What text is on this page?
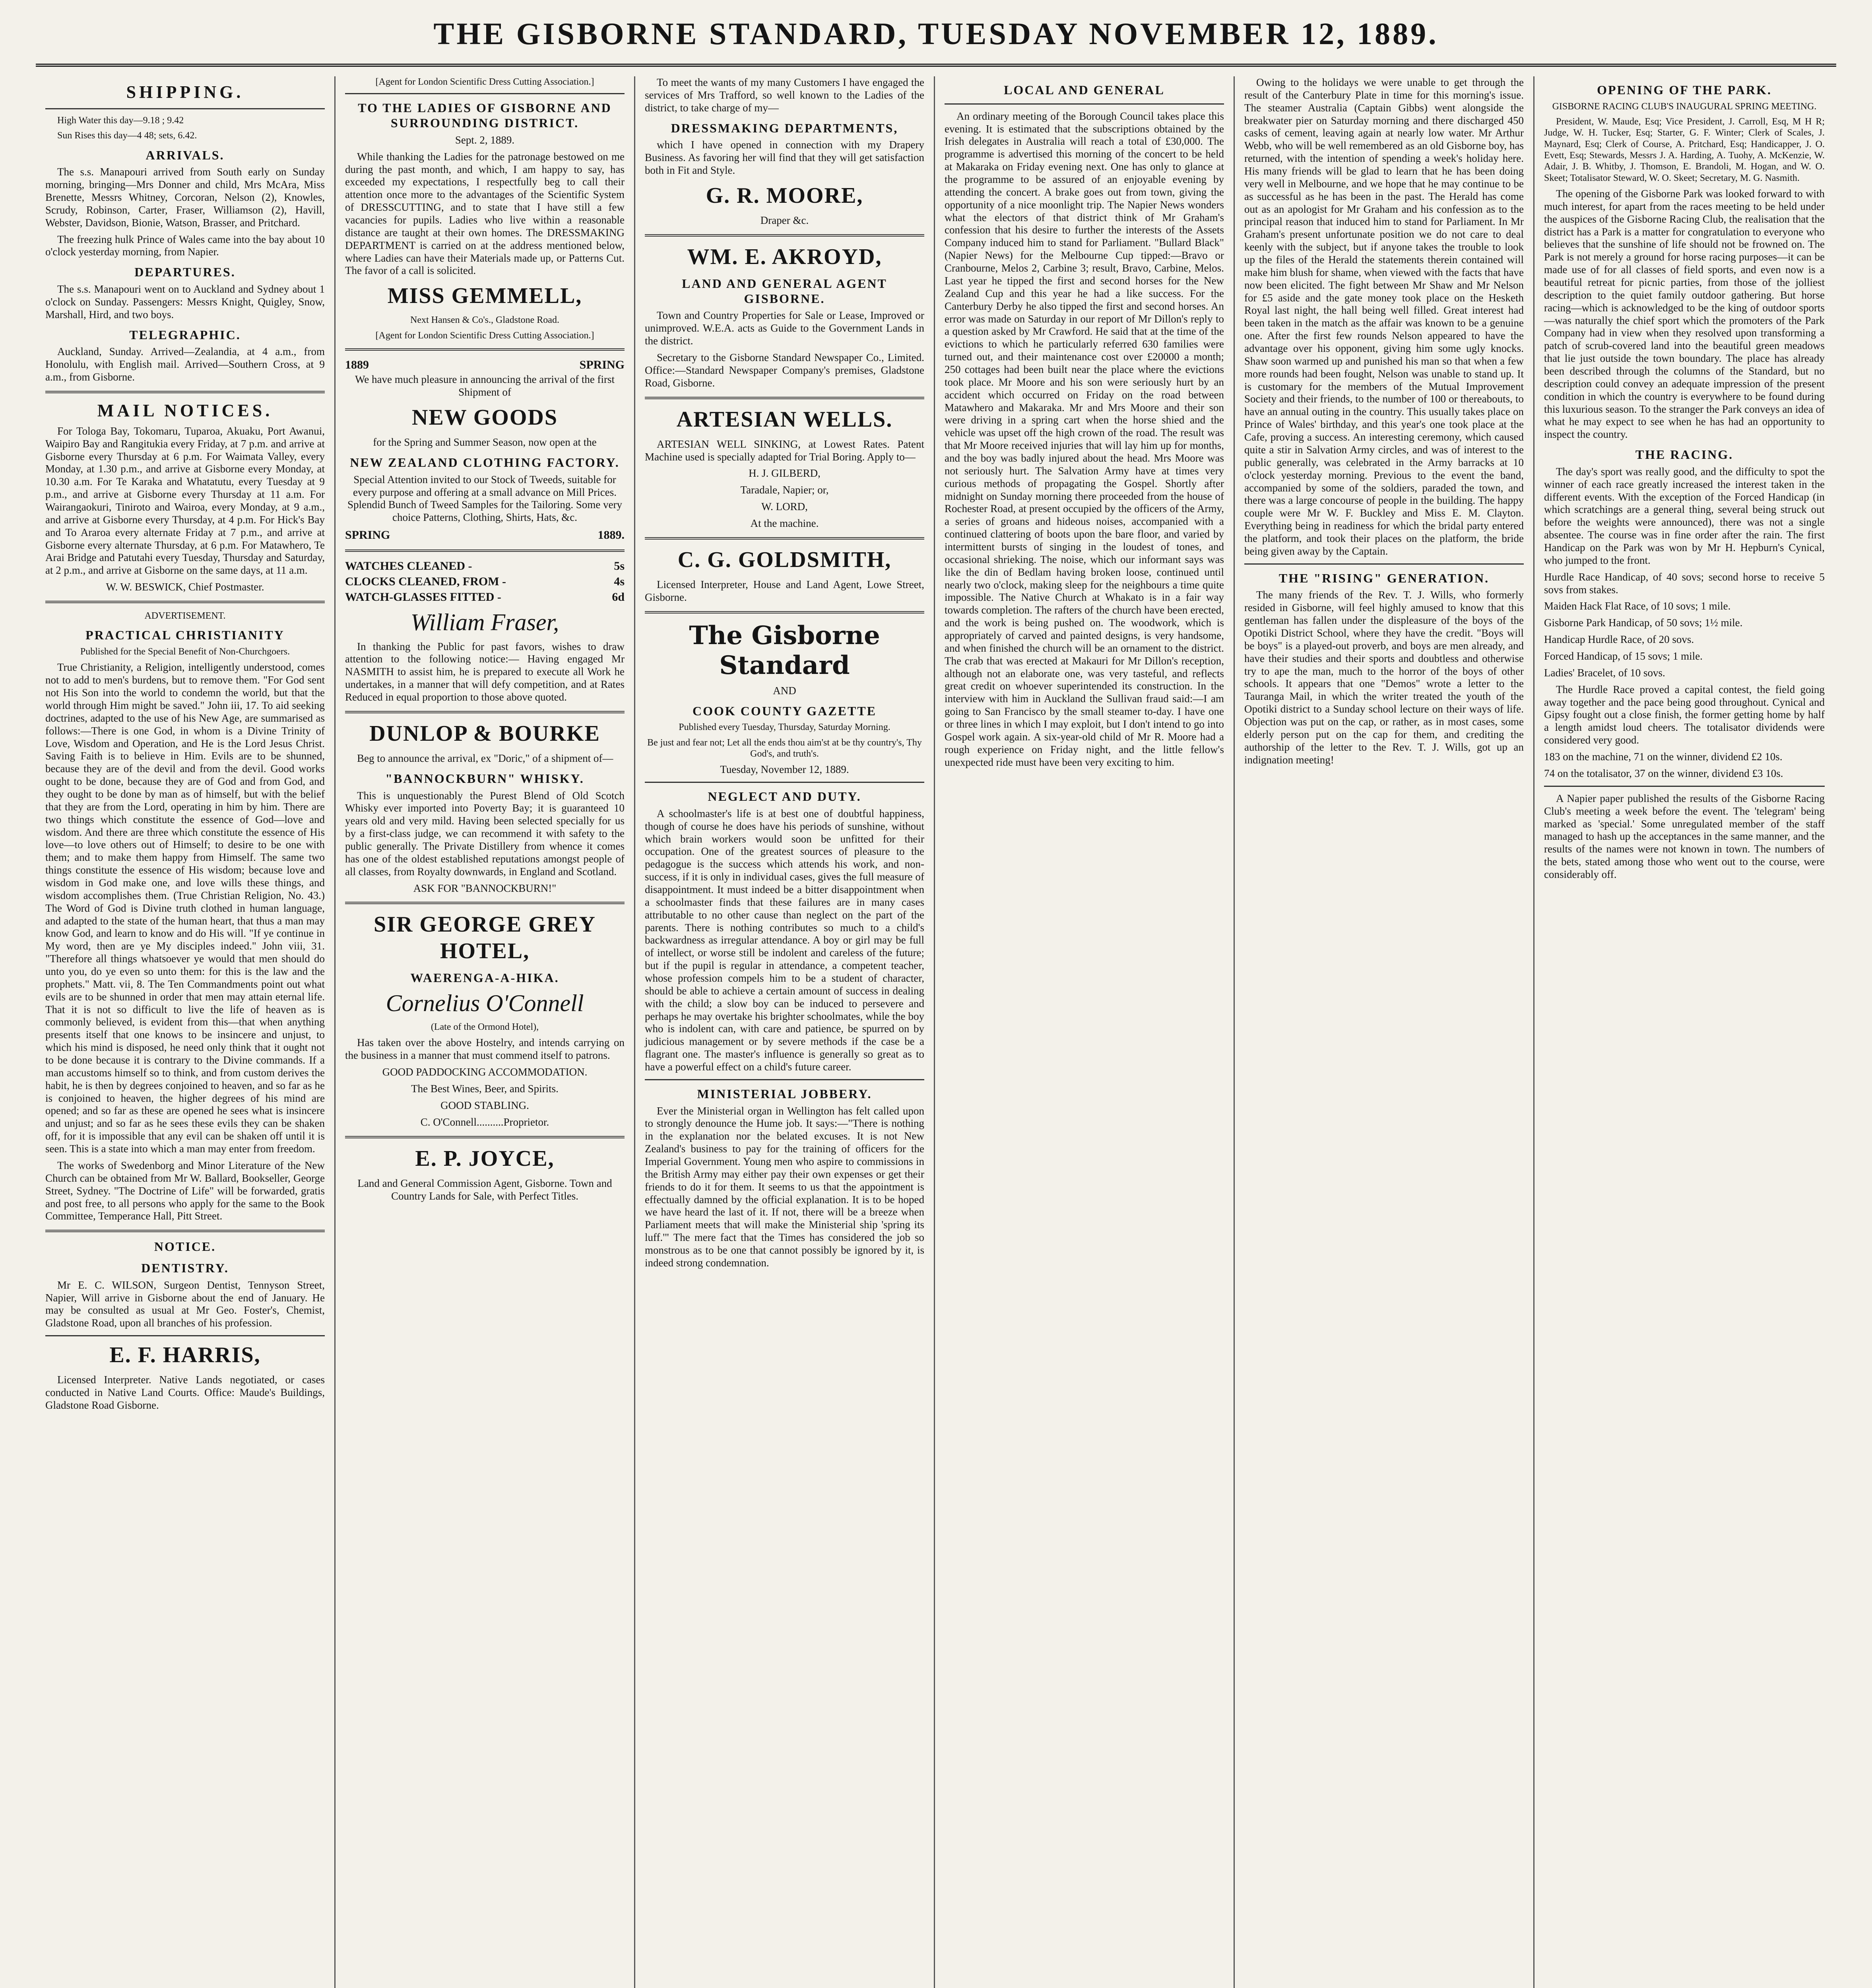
THE GISBORNE STANDARD, TUESDAY NOVEMBER 12, 1889.
SHIPPING.

High Water this day—9.18 ; 9.42

Sun Rises this day—4 48; sets, 6.42.

ARRIVALS.

The s.s. Manapouri arrived from South early on Sunday morning, bringing—Mrs Donner and child, Mrs McAra, Miss Brenette, Messrs Whitney, Corcoran, Nelson (2), Knowles, Scrudy, Robinson, Carter, Fraser, Williamson (2), Havill, Webster, Davidson, Bionie, Watson, Brasser, and Pritchard.

The freezing hulk Prince of Wales came into the bay about 10 o'clock yesterday morning, from Napier.

DEPARTURES.

The s.s. Manapouri went on to Auckland and Sydney about 1 o'clock on Sunday. Passengers: Messrs Knight, Quigley, Snow, Marshall, Hird, and two boys.

TELEGRAPHIC.

Auckland, Sunday. Arrived—Zealandia, at 4 a.m., from Honolulu, with English mail. Arrived—Southern Cross, at 9 a.m., from Gisborne.

MAIL NOTICES.

For Tologa Bay, Tokomaru, Tuparoa, Akuaku, Port Awanui, Waipiro Bay and Rangitukia every Friday, at 7 p.m. and arrive at Gisborne every Thursday at 6 p.m. For Waimata Valley, every Monday, at 1.30 p.m., and arrive at Gisborne every Monday, at 10.30 a.m. For Te Karaka and Whatatutu, every Tuesday at 9 p.m., and arrive at Gisborne every Thursday at 11 a.m. For Wairangaokuri, Tiniroto and Wairoa, every Monday, at 9 a.m., and arrive at Gisborne every Thursday, at 4 p.m. For Hick's Bay and To Araroa every alternate Friday at 7 p.m., and arrive at Gisborne every alternate Thursday, at 6 p.m. For Matawhero, Te Arai Bridge and Patutahi every Tuesday, Thursday and Saturday, at 2 p.m., and arrive at Gisborne on the same days, at 11 a.m.

W. W. BESWICK, Chief Postmaster.

ADVERTISEMENT.

PRACTICAL CHRISTIANITY

Published for the Special Benefit of Non-Churchgoers.

True Christianity, a Religion, intelligently understood, comes not to add to men's burdens, but to remove them. "For God sent not His Son into the world to condemn the world, but that the world through Him might be saved." John iii, 17. To aid seeking doctrines, adapted to the use of his New Age, are summarised as follows:—There is one God, in whom is a Divine Trinity of Love, Wisdom and Operation, and He is the Lord Jesus Christ. Saving Faith is to believe in Him. Evils are to be shunned, because they are of the devil and from the devil. Good works ought to be done, because they are of God and from God, and they ought to be done by man as of himself, but with the belief that they are from the Lord, operating in him by him. There are two things which constitute the essence of God—love and wisdom. And there are three which constitute the essence of His love—to love others out of Himself; to desire to be one with them; and to make them happy from Himself. The same two things constitute the essence of His wisdom; because love and wisdom in God make one, and love wills these things, and wisdom accomplishes them. (True Christian Religion, No. 43.) The Word of God is Divine truth clothed in human language, and adapted to the state of the human heart, that thus a man may know God, and learn to know and do His will. "If ye continue in My word, then are ye My disciples indeed." John viii, 31. "Therefore all things whatsoever ye would that men should do unto you, do ye even so unto them: for this is the law and the prophets." Matt. vii, 8. The Ten Commandments point out what evils are to be shunned in order that men may attain eternal life. That it is not so difficult to live the life of heaven as is commonly believed, is evident from this—that when anything presents itself that one knows to be insincere and unjust, to which his mind is disposed, he need only think that it ought not to be done because it is contrary to the Divine commands. If a man accustoms himself so to think, and from custom derives the habit, he is then by degrees conjoined to heaven, and so far as he is conjoined to heaven, the higher degrees of his mind are opened; and so far as these are opened he sees what is insincere and unjust; and so far as he sees these evils they can be shaken off, for it is impossible that any evil can be shaken off until it is seen. This is a state into which a man may enter from freedom.

The works of Swedenborg and Minor Literature of the New Church can be obtained from Mr W. Ballard, Bookseller, George Street, Sydney. "The Doctrine of Life" will be forwarded, gratis and post free, to all persons who apply for the same to the Book Committee, Temperance Hall, Pitt Street.

NOTICE.
DENTISTRY.

Mr E. C. WILSON, Surgeon Dentist, Tennyson Street, Napier, Will arrive in Gisborne about the end of January. He may be consulted as usual at Mr Geo. Foster's, Chemist, Gladstone Road, upon all branches of his profession.

E. F. HARRIS,

Licensed Interpreter. Native Lands negotiated, or cases conducted in Native Land Courts. Office: Maude's Buildings, Gladstone Road Gisborne.

[Agent for London Scientific Dress Cutting Association.]

TO THE LADIES OF GISBORNE AND SURROUNDING DISTRICT.

Sept. 2, 1889.

While thanking the Ladies for the patronage bestowed on me during the past month, and which, I am happy to say, has exceeded my expectations, I respectfully beg to call their attention once more to the advantages of the Scientific System of DRESSCUTTING, and to state that I have still a few vacancies for pupils. Ladies who live within a reasonable distance are taught at their own homes. The DRESSMAKING DEPARTMENT is carried on at the address mentioned below, where Ladies can have their Materials made up, or Patterns Cut. The favor of a call is solicited.

MISS GEMMELL,

Next Hansen & Co's., Gladstone Road.

[Agent for London Scientific Dress Cutting Association.]

1889	SPRING

We have much pleasure in announcing the arrival of the first Shipment of

NEW GOODS

for the Spring and Summer Season, now open at the

NEW ZEALAND CLOTHING FACTORY.

Special Attention invited to our Stock of Tweeds, suitable for every purpose and offering at a small advance on Mill Prices. Splendid Bunch of Tweed Samples for the Tailoring. Some very choice Patterns, Clothing, Shirts, Hats, &c.

SPRING	1889.
WATCHES CLEANED -	5s
CLOCKS CLEANED, FROM -	4s
WATCH-GLASSES FITTED -	6d
William Fraser,

In thanking the Public for past favors, wishes to draw attention to the following notice:— Having engaged Mr NASMITH to assist him, he is prepared to execute all Work he undertakes, in a manner that will defy competition, and at Rates Reduced in equal proportion to those above quoted.

DUNLOP & BOURKE

Beg to announce the arrival, ex "Doric," of a shipment of—

"BANNOCKBURN" WHISKY.

This is unquestionably the Purest Blend of Old Scotch Whisky ever imported into Poverty Bay; it is guaranteed 10 years old and very mild. Having been selected specially for us by a first-class judge, we can recommend it with safety to the public generally. The Private Distillery from whence it comes has one of the oldest established reputations amongst people of all classes, from Royalty downwards, in England and Scotland.

ASK FOR "BANNOCKBURN!"

SIR GEORGE GREY HOTEL,
WAERENGA-A-HIKA.
Cornelius O'Connell

(Late of the Ormond Hotel),

Has taken over the above Hostelry, and intends carrying on the business in a manner that must commend itself to patrons.

GOOD PADDOCKING ACCOMMODATION.

The Best Wines, Beer, and Spirits.

GOOD STABLING.

C. O'Connell..........Proprietor.

E. P. JOYCE,

Land and General Commission Agent, Gisborne. Town and Country Lands for Sale, with Perfect Titles.

To meet the wants of my many Customers I have engaged the services of Mrs Trafford, so well known to the Ladies of the district, to take charge of my—

DRESSMAKING DEPARTMENTS,

which I have opened in connection with my Drapery Business. As favoring her will find that they will get satisfaction both in Fit and Style.

G. R. MOORE,

Draper &c.

WM. E. AKROYD,
LAND AND GENERAL AGENT GISBORNE.

Town and Country Properties for Sale or Lease, Improved or unimproved. W.E.A. acts as Guide to the Government Lands in the district.

Secretary to the Gisborne Standard Newspaper Co., Limited. Office:—Standard Newspaper Company's premises, Gladstone Road, Gisborne.

ARTESIAN WELLS.

ARTESIAN WELL SINKING, at Lowest Rates. Patent Machine used is specially adapted for Trial Boring. Apply to—

H. J. GILBERD,

Taradale, Napier; or,

W. LORD,

At the machine.

C. G. GOLDSMITH,

Licensed Interpreter, House and Land Agent, Lowe Street, Gisborne.

The Gisborne Standard

AND

COOK COUNTY GAZETTE

Published every Tuesday, Thursday, Saturday Morning.

Be just and fear not; Let all the ends thou aim'st at be thy country's, Thy God's, and truth's.

Tuesday, November 12, 1889.

NEGLECT AND DUTY.

A schoolmaster's life is at best one of doubtful happiness, though of course he does have his periods of sunshine, without which brain workers would soon be unfitted for their occupation. One of the greatest sources of pleasure to the pedagogue is the success which attends his work, and non-success, if it is only in individual cases, gives the full measure of disappointment. It must indeed be a bitter disappointment when a schoolmaster finds that these failures are in many cases attributable to no other cause than neglect on the part of the parents. There is nothing contributes so much to a child's backwardness as irregular attendance. A boy or girl may be full of intellect, or worse still be indolent and careless of the future; but if the pupil is regular in attendance, a competent teacher, whose profession compels him to be a student of character, should be able to achieve a certain amount of success in dealing with the child; a slow boy can be induced to persevere and perhaps he may overtake his brighter schoolmates, while the boy who is indolent can, with care and patience, be spurred on by judicious management or by severe methods if the case be a flagrant one. The master's influence is generally so great as to have a powerful effect on a child's future career.

MINISTERIAL JOBBERY.

Ever the Ministerial organ in Wellington has felt called upon to strongly denounce the Hume job. It says:—"There is nothing in the explanation nor the belated excuses. It is not New Zealand's business to pay for the training of officers for the Imperial Government. Young men who aspire to commissions in the British Army may either pay their own expenses or get their friends to do it for them. It seems to us that the appointment is effectually damned by the official explanation. It is to be hoped we have heard the last of it. If not, there will be a breeze when Parliament meets that will make the Ministerial ship 'spring its luff.'" The mere fact that the Times has considered the job so monstrous as to be one that cannot possibly be ignored by it, is indeed strong condemnation.

LOCAL AND GENERAL

An ordinary meeting of the Borough Council takes place this evening. It is estimated that the subscriptions obtained by the Irish delegates in Australia will reach a total of £30,000. The programme is advertised this morning of the concert to be held at Makaraka on Friday evening next. One has only to glance at the programme to be assured of an enjoyable evening by attending the concert. A brake goes out from town, giving the opportunity of a nice moonlight trip. The Napier News wonders what the electors of that district think of Mr Graham's confession that his desire to further the interests of the Assets Company induced him to stand for Parliament. "Bullard Black" (Napier News) for the Melbourne Cup tipped:—Bravo or Cranbourne, Melos 2, Carbine 3; result, Bravo, Carbine, Melos. Last year he tipped the first and second horses for the New Zealand Cup and this year he had a like success. For the Canterbury Derby he also tipped the first and second horses. An error was made on Saturday in our report of Mr Dillon's reply to a question asked by Mr Crawford. He said that at the time of the evictions to which he particularly referred 630 families were turned out, and their maintenance cost over £20000 a month; 250 cottages had been built near the place where the evictions took place. Mr Moore and his son were seriously hurt by an accident which occurred on Friday on the road between Matawhero and Makaraka. Mr and Mrs Moore and their son were driving in a spring cart when the horse shied and the vehicle was upset off the high crown of the road. The result was that Mr Moore received injuries that will lay him up for months, and the boy was badly injured about the head. Mrs Moore was not seriously hurt. The Salvation Army have at times very curious methods of propagating the Gospel. Shortly after midnight on Sunday morning there proceeded from the house of Rochester Road, at present occupied by the officers of the Army, a series of groans and hideous noises, accompanied with a continued clattering of boots upon the bare floor, and varied by intermittent bursts of singing in the loudest of tones, and occasional shrieking. The noise, which our informant says was like the din of Bedlam having broken loose, continued until nearly two o'clock, making sleep for the neighbours a time quite impossible. The Native Church at Whakato is in a fair way towards completion. The rafters of the church have been erected, and the work is being pushed on. The woodwork, which is appropriately of carved and painted designs, is very handsome, and when finished the church will be an ornament to the district. The crab that was erected at Makauri for Mr Dillon's reception, although not an elaborate one, was very tasteful, and reflects great credit on whoever superintended its construction. In the interview with him in Auckland the Sullivan fraud said:—I am going to San Francisco by the small steamer to-day. I have one or three lines in which I may exploit, but I don't intend to go into Gospel work again. A six-year-old child of Mr R. Moore had a rough experience on Friday night, and the little fellow's unexpected ride must have been very exciting to him.

Owing to the holidays we were unable to get through the result of the Canterbury Plate in time for this morning's issue. The steamer Australia (Captain Gibbs) went alongside the breakwater pier on Saturday morning and there discharged 450 casks of cement, leaving again at nearly low water. Mr Arthur Webb, who will be well remembered as an old Gisborne boy, has returned, with the intention of spending a week's holiday here. His many friends will be glad to learn that he has been doing very well in Melbourne, and we hope that he may continue to be as successful as he has been in the past. The Herald has come out as an apologist for Mr Graham and his confession as to the principal reason that induced him to stand for Parliament. In Mr Graham's present unfortunate position we do not care to deal keenly with the subject, but if anyone takes the trouble to look up the files of the Herald the statements therein contained will make him blush for shame, when viewed with the facts that have now been elicited. The fight between Mr Shaw and Mr Nelson for £5 aside and the gate money took place on the Hesketh Royal last night, the hall being well filled. Great interest had been taken in the match as the affair was known to be a genuine one. After the first few rounds Nelson appeared to have the advantage over his opponent, giving him some ugly knocks. Shaw soon warmed up and punished his man so that when a few more rounds had been fought, Nelson was unable to stand up. It is customary for the members of the Mutual Improvement Society and their friends, to the number of 100 or thereabouts, to have an annual outing in the country. This usually takes place on Prince of Wales' birthday, and this year's one took place at the Cafe, proving a success. An interesting ceremony, which caused quite a stir in Salvation Army circles, and was of interest to the public generally, was celebrated in the Army barracks at 10 o'clock yesterday morning. Previous to the event the band, accompanied by some of the soldiers, paraded the town, and there was a large concourse of people in the building. The happy couple were Mr W. F. Buckley and Miss E. M. Clayton. Everything being in readiness for which the bridal party entered the platform, and took their places on the platform, the bride being given away by the Captain.

THE "RISING" GENERATION.

The many friends of the Rev. T. J. Wills, who formerly resided in Gisborne, will feel highly amused to know that this gentleman has fallen under the displeasure of the boys of the Opotiki District School, where they have the credit. "Boys will be boys" is a played-out proverb, and boys are men already, and have their studies and their sports and doubtless and otherwise try to ape the man, much to the horror of the boys of other schools. It appears that one "Demos" wrote a letter to the Tauranga Mail, in which the writer treated the youth of the Opotiki district to a Sunday school lecture on their ways of life. Objection was put on the cap, or rather, as in most cases, some elderly person put on the cap for them, and crediting the authorship of the letter to the Rev. T. J. Wills, got up an indignation meeting!

OPENING OF THE PARK.

GISBORNE RACING CLUB'S INAUGURAL SPRING MEETING.

President, W. Maude, Esq; Vice President, J. Carroll, Esq, M H R; Judge, W. H. Tucker, Esq; Starter, G. F. Winter; Clerk of Scales, J. Maynard, Esq; Clerk of Course, A. Pritchard, Esq; Handicapper, J. O. Evett, Esq; Stewards, Messrs J. A. Harding, A. Tuohy, A. McKenzie, W. Adair, J. B. Whitby, J. Thomson, E. Brandoli, M. Hogan, and W. O. Skeet; Totalisator Steward, W. O. Skeet; Secretary, M. G. Nasmith.

The opening of the Gisborne Park was looked forward to with much interest, for apart from the races meeting to be held under the auspices of the Gisborne Racing Club, the realisation that the district has a Park is a matter for congratulation to everyone who believes that the sunshine of life should not be frowned on. The Park is not merely a ground for horse racing purposes—it can be made use of for all classes of field sports, and even now is a beautiful retreat for picnic parties, from those of the jolliest description to the quiet family outdoor gathering. But horse racing—which is acknowledged to be the king of outdoor sports—was naturally the chief sport which the promoters of the Park Company had in view when they resolved upon transforming a patch of scrub-covered land into the beautiful green meadows that lie just outside the town boundary. The place has already been described through the columns of the Standard, but no description could convey an adequate impression of the present condition in which the country is everywhere to be found during this luxurious season. To the stranger the Park conveys an idea of what he may expect to see when he has had an opportunity to inspect the country.

THE RACING.

The day's sport was really good, and the difficulty to spot the winner of each race greatly increased the interest taken in the different events. With the exception of the Forced Handicap (in which scratchings are a general thing, several being struck out before the weights were announced), there was not a single absentee. The course was in fine order after the rain. The first Handicap on the Park was won by Mr H. Hepburn's Cynical, who jumped to the front.

Hurdle Race Handicap, of 40 sovs; second horse to receive 5 sovs from stakes.

Maiden Hack Flat Race, of 10 sovs; 1 mile.

Gisborne Park Handicap, of 50 sovs; 1½ mile.

Handicap Hurdle Race, of 20 sovs.

Forced Handicap, of 15 sovs; 1 mile.

Ladies' Bracelet, of 10 sovs.

The Hurdle Race proved a capital contest, the field going away together and the pace being good throughout. Cynical and Gipsy fought out a close finish, the former getting home by half a length amidst loud cheers. The totalisator dividends were considered very good.

183 on the machine, 71 on the winner, dividend £2 10s.

74 on the totalisator, 37 on the winner, dividend £3 10s.

A Napier paper published the results of the Gisborne Racing Club's meeting a week before the event. The 'telegram' being marked as 'special.' Some unregulated member of the staff managed to hash up the acceptances in the same manner, and the results of the names were not known in town. The numbers of the bets, stated among those who went out to the course, were considerably off.
